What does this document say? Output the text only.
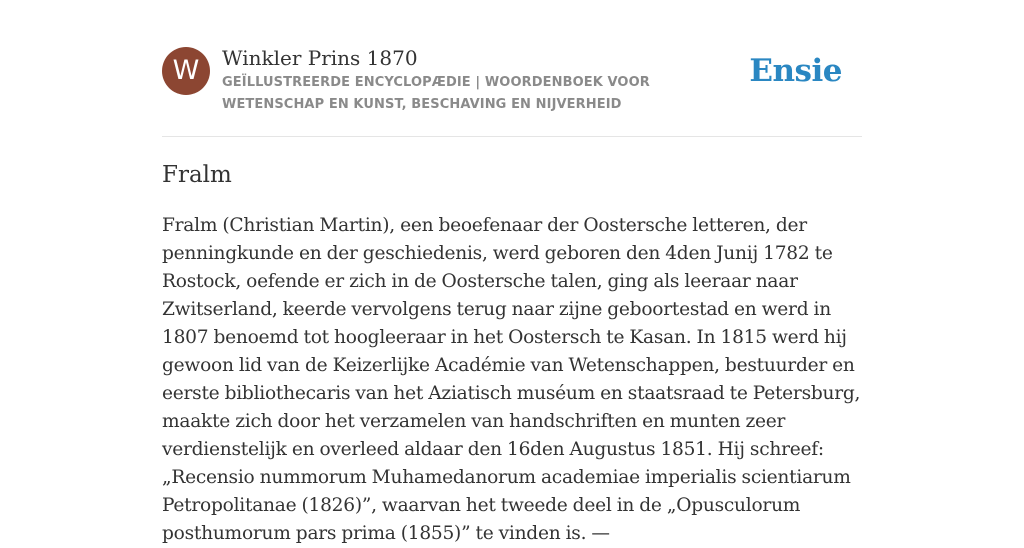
W	Winkler Prins 1870
GEÏLLUSTREERDE ENCYCLOPÆDIE | WOORDENBOEK VOOR WETENSCHAP EN KUNST, BESCHAVING EN NIJVERHEID
Ensie
Fralm

Fralm (Christian Martin), een beoefenaar der Oostersche letteren, der penningkunde en der geschiedenis, werd geboren den 4den Junij 1782 te Rostock, oefende er zich in de Oostersche talen, ging als leeraar naar Zwitserland, keerde vervolgens terug naar zijne geboortestad en werd in 1807 benoemd tot hoogleeraar in het Oostersch te Kasan. In 1815 werd hij gewoon lid van de Keizerlijke Académie van Wetenschappen, bestuurder en eerste bibliothecaris van het Aziatisch muséum en staatsraad te Petersburg, maakte zich door het verzamelen van handschriften en munten zeer verdienstelijk en overleed aldaar den 16den Augustus 1851. Hij schreef: „Recensio nummorum Muhamedanorum academiae imperialis scientiarum Petropolitanae (1826)”, waarvan het tweede deel in de „Opusculorum posthumorum pars prima (1855)” te vinden is. —
